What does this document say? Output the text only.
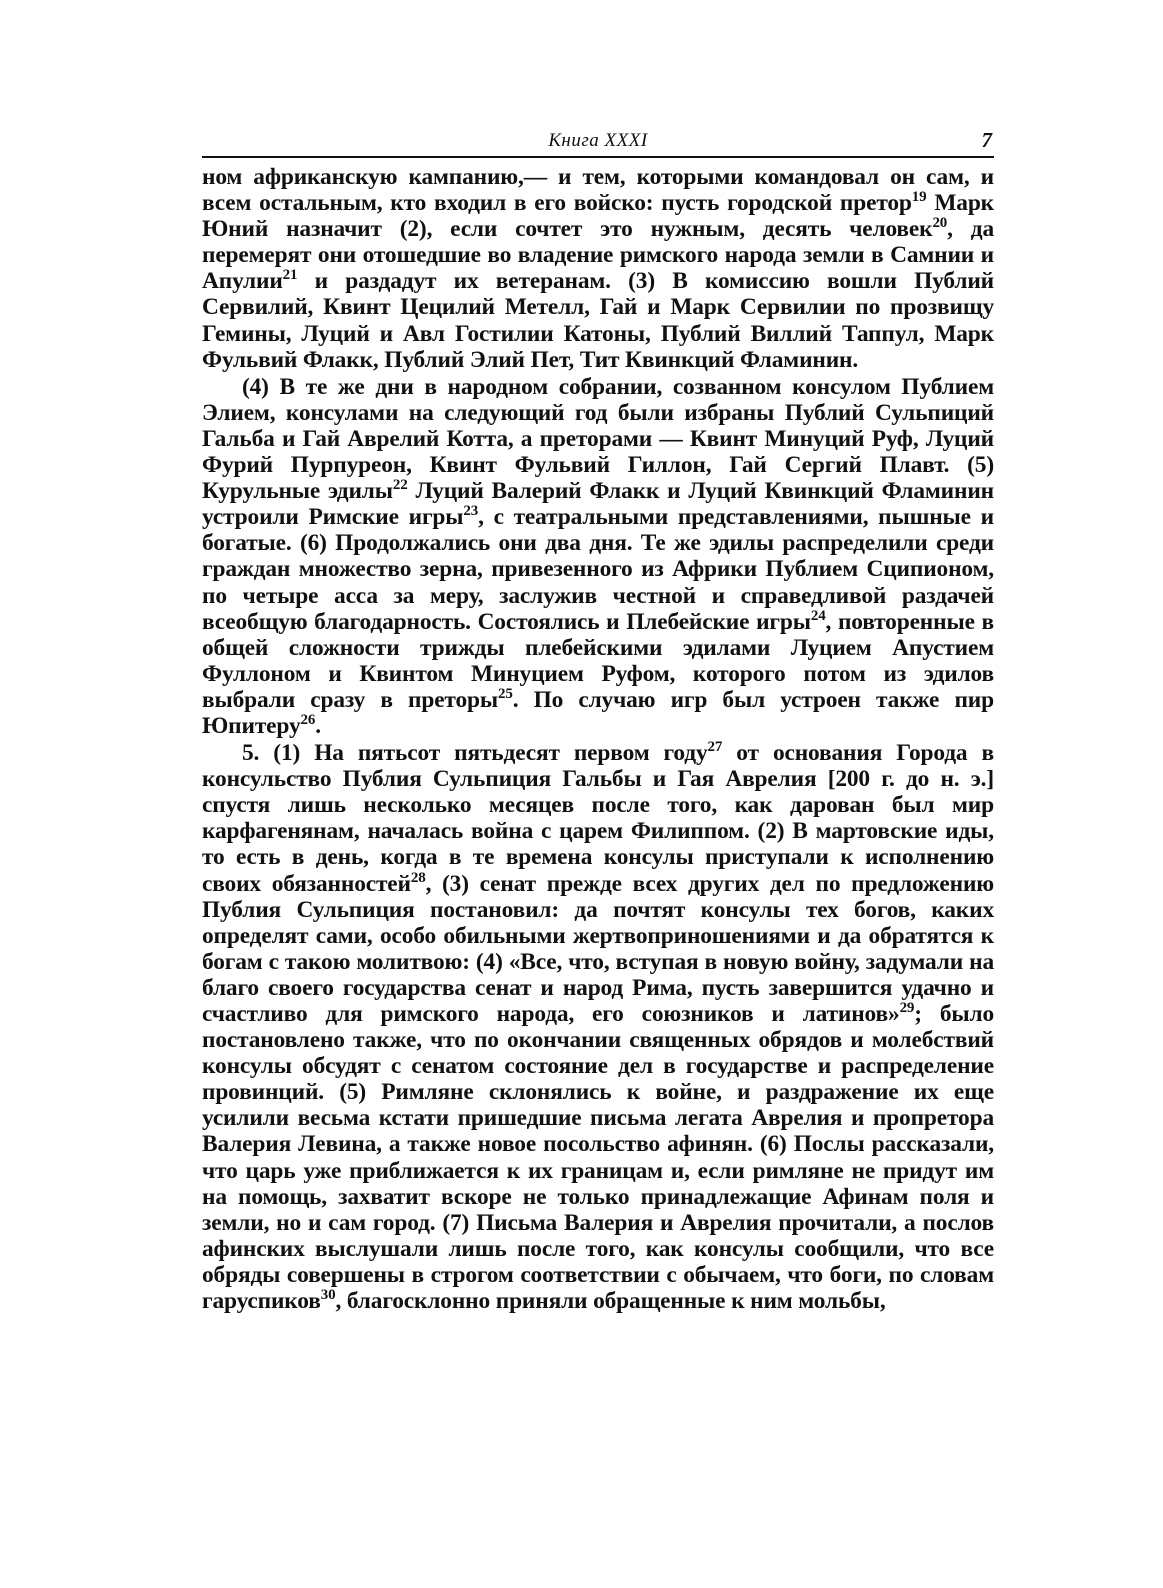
Книга XXXI	7

ном африканскую кампанию,— и тем, которыми командовал он сам, и всем остальным, кто входил в его войско: пусть городской претор$^{19}$ Марк Юний назначит (2), если сочтет это нужным, десять человек$^{20}$, да перемерят они отошедшие во владение римского народа земли в Самнии и Апулии$^{21}$ и раздадут их ветеранам. (3) В комиссию вошли Публий Сервилий, Квинт Цецилий Метелл, Гай и Марк Сервилии по прозвищу Гемины, Луций и Авл Гостилии Катоны, Публий Виллий Таппул, Марк Фульвий Флакк, Публий Элий Пет, Тит Квинкций Фламинин.

(4) В те же дни в народном собрании, созванном консулом Публием Элием, консулами на следующий год были избраны Публий Сульпиций Гальба и Гай Аврелий Котта, а преторами — Квинт Минуций Руф, Луций Фурий Пурпуреон, Квинт Фульвий Гиллон, Гай Сергий Плавт. (5) Курульные эдилы$^{22}$ Луций Валерий Флакк и Луций Квинкций Фламинин устроили Римские игры$^{23}$, с театральными представлениями, пышные и богатые. (6) Продолжались они два дня. Те же эдилы распределили среди граждан множество зерна, привезенного из Африки Публием Сципионом, по четыре асса за меру, заслужив честной и справедливой раздачей всеобщую благодарность. Состоялись и Плебейские игры$^{24}$, повторенные в общей сложности трижды плебейскими эдилами Луцием Апустием Фуллоном и Квинтом Минуцием Руфом, которого потом из эдилов выбрали сразу в преторы$^{25}$. По случаю игр был устроен также пир Юпитеру$^{26}$.

5. (1) На пятьсот пятьдесят первом году$^{27}$ от основания Города в консульство Публия Сульпиция Гальбы и Гая Аврелия [200 г. до н. э.] спустя лишь несколько месяцев после того, как дарован был мир карфагенянам, началась война с царем Филиппом. (2) В мартовские иды, то есть в день, когда в те времена консулы приступали к исполнению своих обязанностей$^{28}$, (3) сенат прежде всех других дел по предложению Публия Сульпиция постановил: да почтят консулы тех богов, каких определят сами, особо обильными жертвоприношениями и да обратятся к богам с такою молитвою: (4) «Все, что, вступая в новую войну, задумали на благо своего государства сенат и народ Рима, пусть завершится удачно и счастливо для римского народа, его союзников и латинов»$^{29}$; было постановлено также, что по окончании священных обрядов и молебствий консулы обсудят с сенатом состояние дел в государстве и распределение провинций. (5) Римляне склонялись к войне, и раздражение их еще усилили весьма кстати пришедшие письма легата Аврелия и пропретора Валерия Левина, а также новое посольство афинян. (6) Послы рассказали, что царь уже приближается к их границам и, если римляне не придут им на помощь, захватит вскоре не только принадлежащие Афинам поля и земли, но и сам город. (7) Письма Валерия и Аврелия прочитали, а послов афинских выслушали лишь после того, как консулы сообщили, что все обряды совершены в строгом соответствии с обычаем, что боги, по словам гаруспиков$^{30}$, благосклонно приняли обращенные к ним мольбы,
